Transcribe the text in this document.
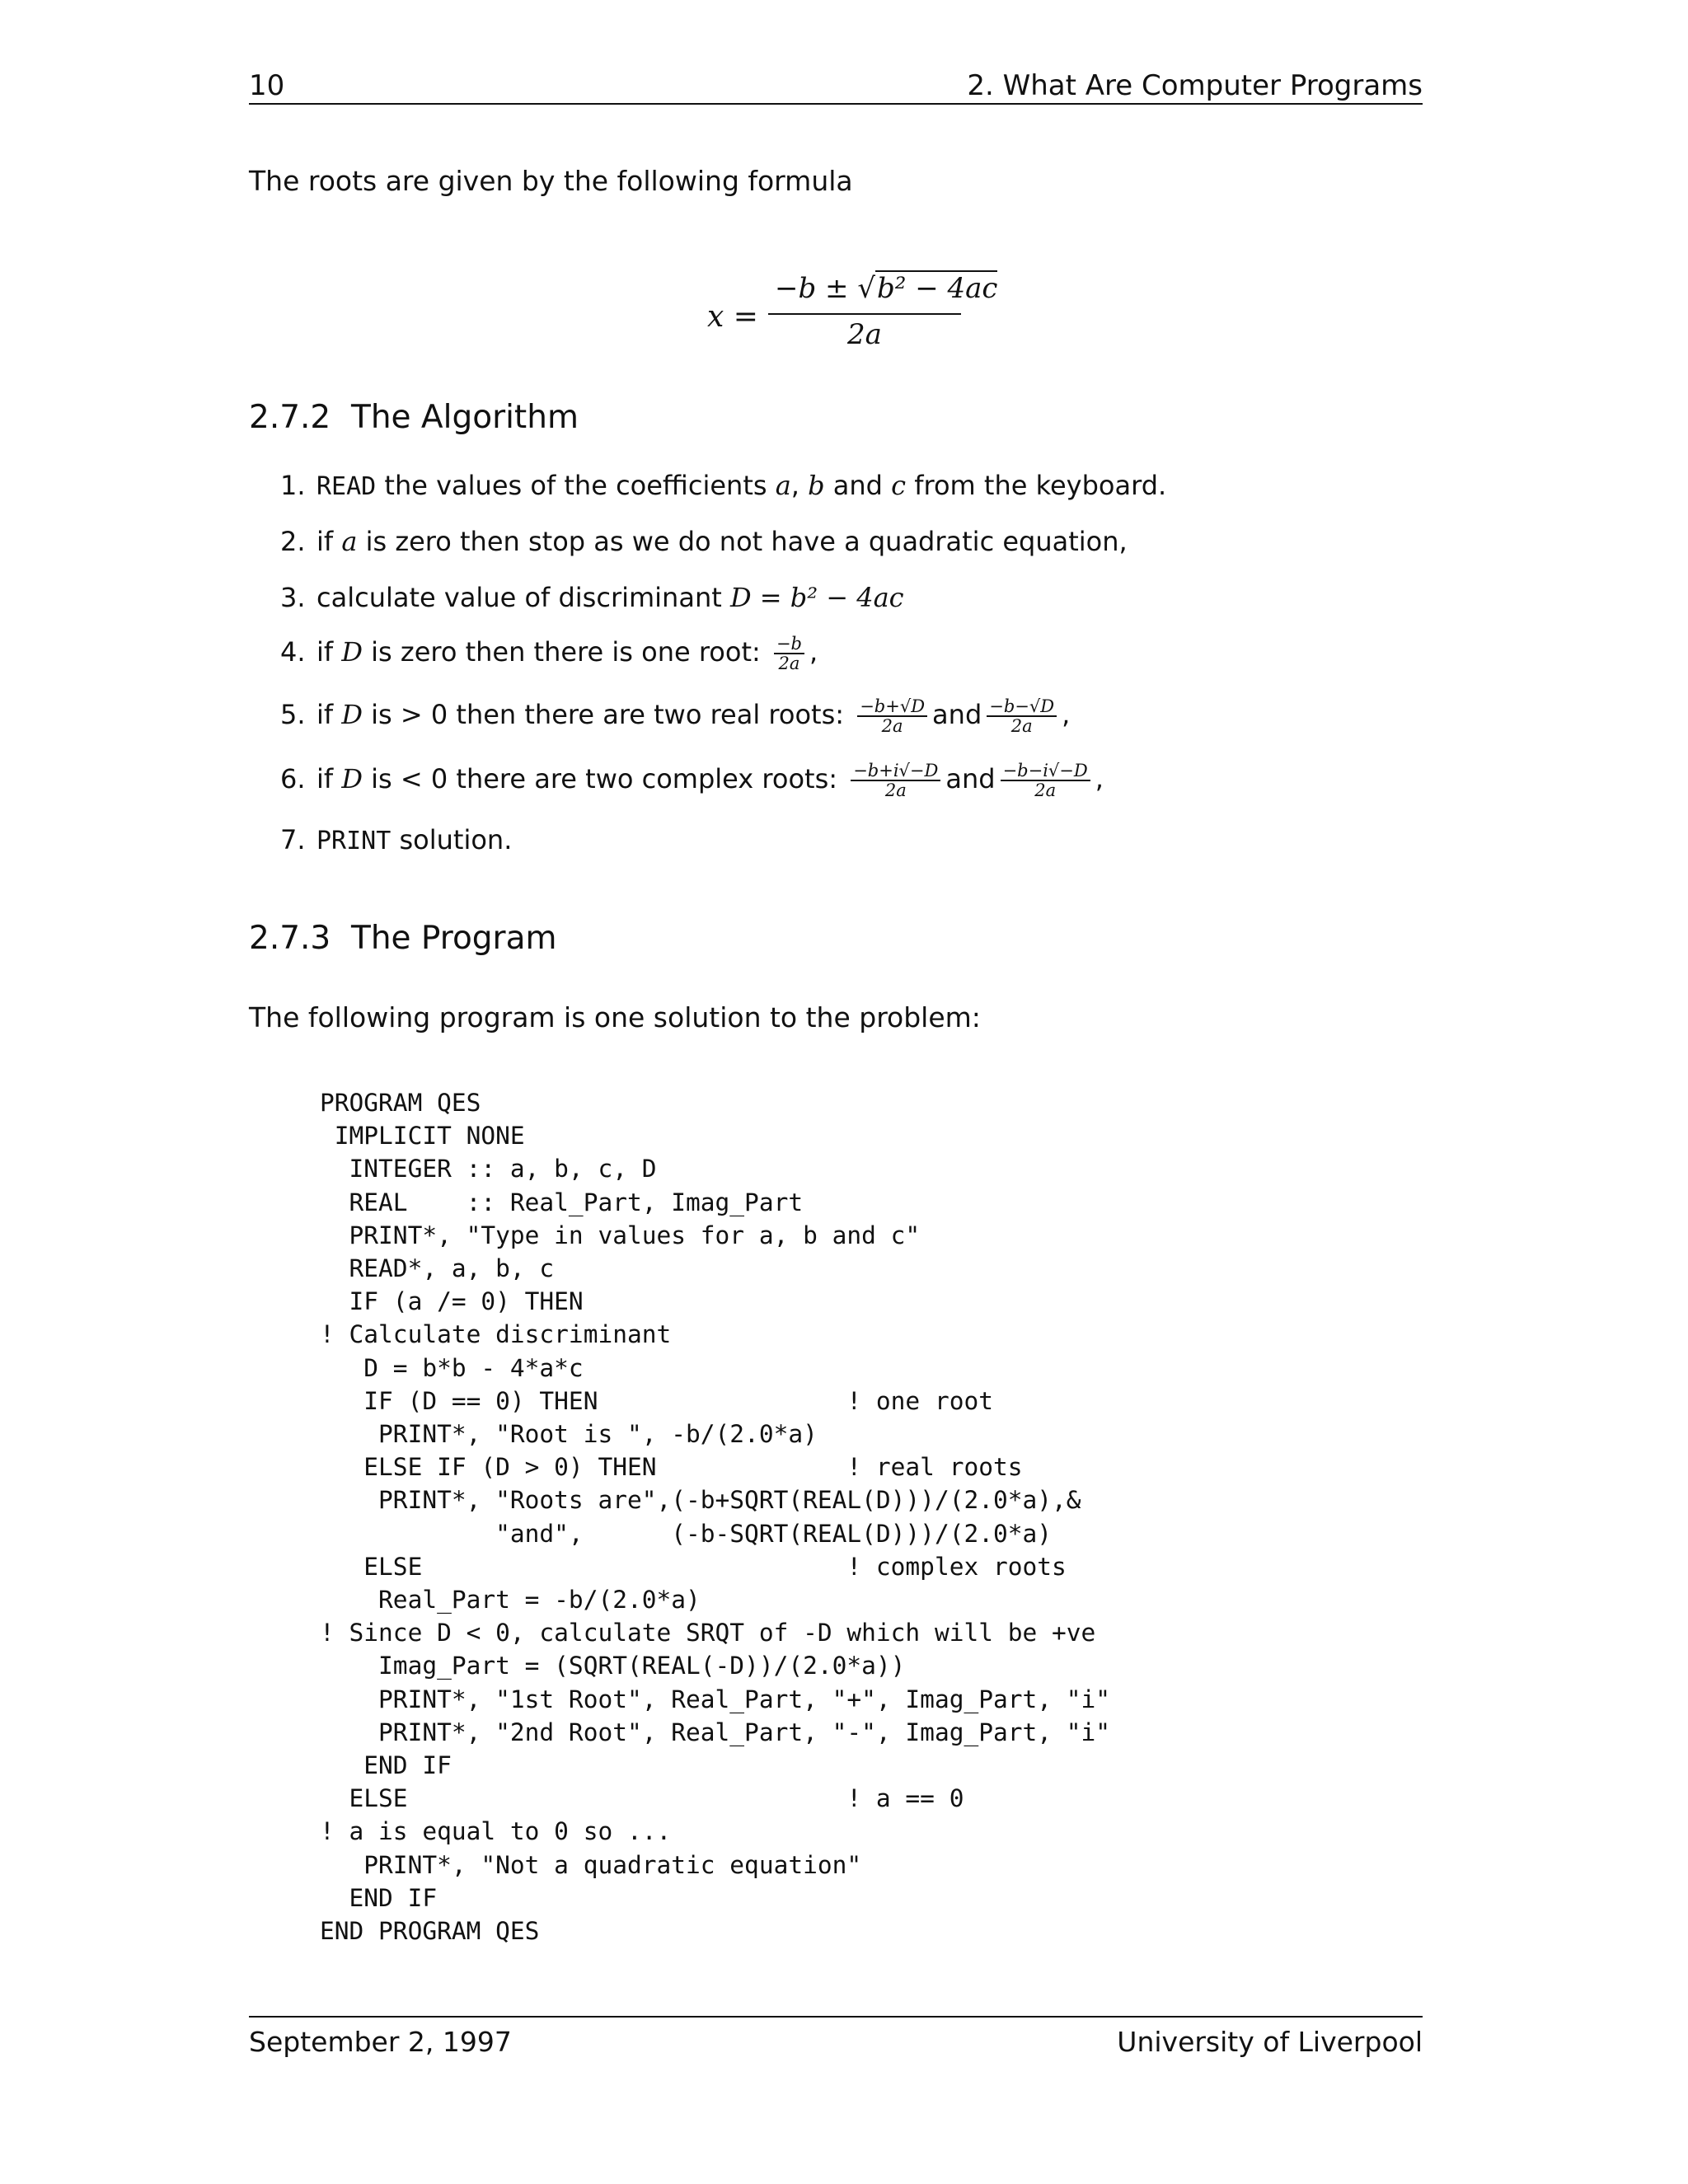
10	2. What Are Computer Programs
The roots are given by the following formula
x =
−b ± √b² − 4ac
2a
2.7.2 The Algorithm
1. READ the values of the coefficients a, b and c from the keyboard.
2. if a is zero then stop as we do not have a quadratic equation,
3. calculate value of discriminant D = b² − 4ac
4. if D is zero then there is one root: $\frac{-b}{2a}$ ,
5. if D is > 0 then there are two real roots: $\frac{-b+√D}{2a}$ and $\frac{-b-√D}{2a}$ ,
6. if D is < 0 there are two complex roots: $\frac{-b+i√-D}{2a}$ and $\frac{-b-i√-D}{2a}$ ,
7. PRINT solution.
2.7.3 The Program
The following program is one solution to the problem:
PROGRAM QES
IMPLICIT NONE
INTEGER :: a, b, c, D
REAL    :: Real_Part, Imag_Part
PRINT*, "Type in values for a, b and c"
READ*, a, b, c
IF (a /= 0) THEN
! Calculate discriminant
D = b*b - 4*a*c
IF (D == 0) THEN                 ! one root
PRINT*, "Root is ", -b/(2.0*a)
ELSE IF (D > 0) THEN             ! real roots
PRINT*, "Roots are",(-b+SQRT(REAL(D)))/(2.0*a),&
"and",      (-b-SQRT(REAL(D)))/(2.0*a)
ELSE                             ! complex roots
Real_Part = -b/(2.0*a)
! Since D < 0, calculate SRQT of -D which will be +ve
Imag_Part = (SQRT(REAL(-D))/(2.0*a))
PRINT*, "1st Root", Real_Part, "+", Imag_Part, "i"
PRINT*, "2nd Root", Real_Part, "-", Imag_Part, "i"
END IF
ELSE                              ! a == 0
! a is equal to 0 so ...
PRINT*, "Not a quadratic equation"
END IF
END PROGRAM QES
September 2, 1997	University of Liverpool
